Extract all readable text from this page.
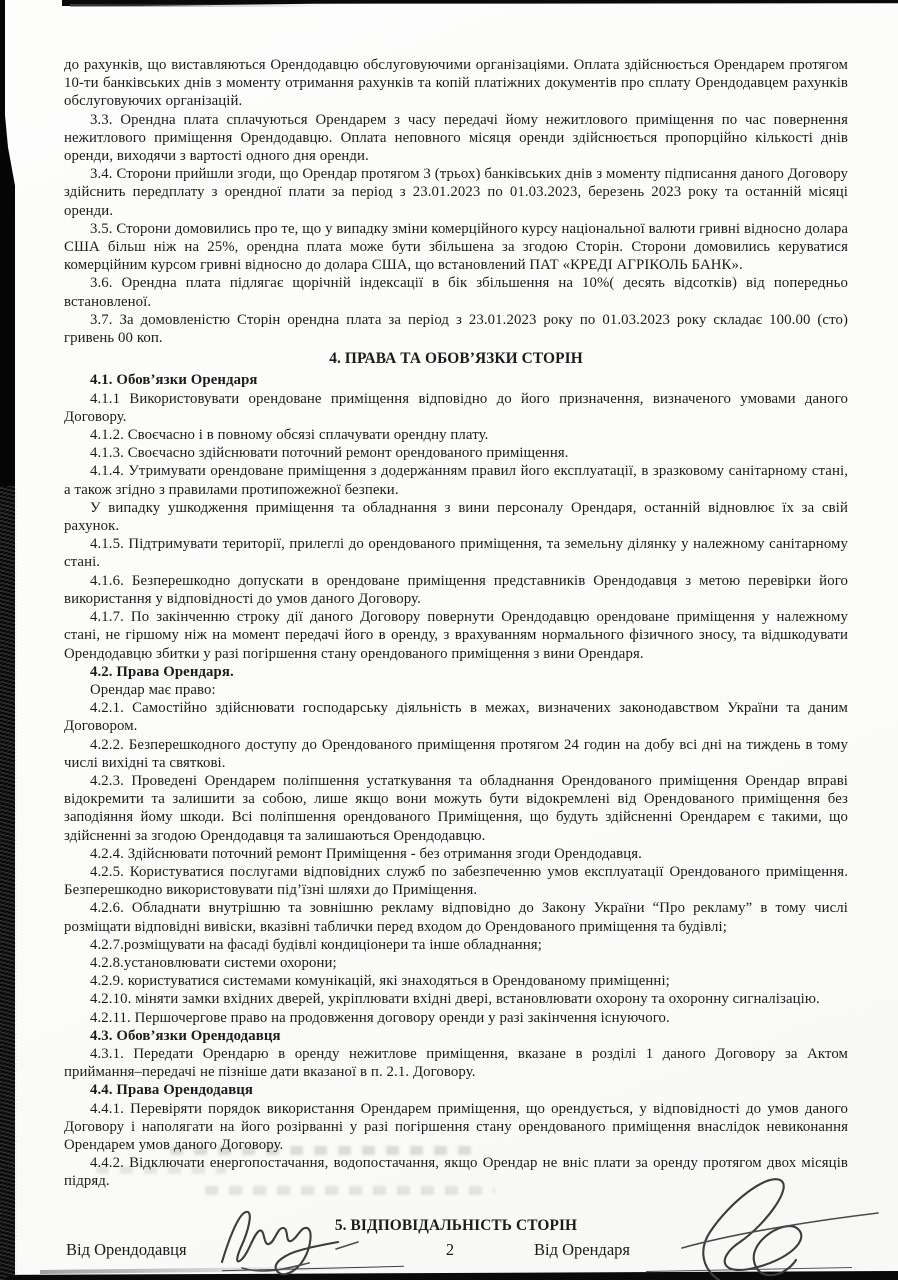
до рахунків, що виставляються Орендодавцю обслуговуючими організаціями. Оплата здійснюється Орендарем протягом 10-ти банківських днів з моменту отримання рахунків та копій платіжних документів про сплату Орендодавцем рахунків обслуговуючих організацій.
3.3. Орендна плата сплачуються Орендарем з часу передачі йому нежитлового приміщення по час повернення нежитлового приміщення Орендодавцю. Оплата неповного місяця оренди здійснюється пропорційно кількості днів оренди, виходячи з вартості одного дня оренди.
3.4. Сторони прийшли згоди, що Орендар протягом 3 (трьох) банківських днів з моменту підписання даного Договору здійснить передплату з орендної плати за період з 23.01.2023 по 01.03.2023, березень 2023 року та останній місяці оренди.
3.5. Сторони домовились про те, що у випадку зміни комерційного курсу національної валюти гривні відносно долара США більш ніж на 25%, орендна плата може бути збільшена за згодою Сторін. Сторони домовились керуватися комерційним курсом гривні відносно до долара США, що встановлений ПАТ «КРЕДІ АГРІКОЛЬ БАНК».
3.6. Орендна плата підлягає щорічній індексації в бік збільшення на 10%( десять відсотків) від попередньо встановленої.
3.7. За домовленістю Сторін орендна плата за період з 23.01.2023 року по 01.03.2023 року складає 100.00 (сто) гривень 00 коп.
4. ПРАВА ТА ОБОВ’ЯЗКИ СТОРІН
4.1. Обов’язки Орендаря
4.1.1 Використовувати орендоване приміщення відповідно до його призначення, визначеного умовами даного Договору.
4.1.2. Своєчасно і в повному обсязі сплачувати орендну плату.
4.1.3. Своєчасно здійснювати поточний ремонт орендованого приміщення.
4.1.4. Утримувати орендоване приміщення з додержанням правил його експлуатації, в зразковому санітарному стані, а також згідно з правилами протипожежної безпеки.
У випадку ушкодження приміщення та обладнання з вини персоналу Орендаря, останній відновлює їх за свій рахунок.
4.1.5. Підтримувати території, прилеглі до орендованого приміщення, та земельну ділянку у належному санітарному стані.
4.1.6. Безперешкодно допускати в орендоване приміщення представників Орендодавця з метою перевірки його використання у відповідності до умов даного Договору.
4.1.7. По закінченню строку дії даного Договору повернути Орендодавцю орендоване приміщення у належному стані, не гіршому ніж на момент передачі його в оренду, з врахуванням нормального фізичного зносу, та відшкодувати Орендодавцю збитки у разі погіршення стану орендованого приміщення з вини Орендаря.
4.2. Права Орендаря.
Орендар має право:
4.2.1. Самостійно здійснювати господарську діяльність в межах, визначених законодавством України та даним Договором.
4.2.2. Безперешкодного доступу до Орендованого приміщення протягом 24 годин на добу всі дні на тиждень в тому числі вихідні та святкові.
4.2.3. Проведені Орендарем поліпшення устаткування та обладнання Орендованого приміщення Орендар вправі відокремити та залишити за собою, лише якщо вони можуть бути відокремлені від Орендованого приміщення без заподіяння йому шкоди. Всі поліпшення орендованого Приміщення, що будуть здійсненні Орендарем є такими, що здійсненні за згодою Орендодавця та залишаються Орендодавцю.
4.2.4. Здійснювати поточний ремонт Приміщення - без отримання згоди Орендодавця.
4.2.5. Користуватися послугами відповідних служб по забезпеченню умов експлуатації Орендованого приміщення. Безперешкодно використовувати під’їзні шляхи до Приміщення.
4.2.6. Обладнати внутрішню та зовнішню рекламу відповідно до Закону України “Про рекламу” в тому числі розміщати відповідні вивіски, вказівні таблички перед входом до Орендованого приміщення та будівлі;
4.2.7.розміщувати на фасаді будівлі кондиціонери та інше обладнання;
4.2.8.установлювати системи охорони;
4.2.9. користуватися системами комунікацій, які знаходяться в Орендованому приміщенні;
4.2.10. міняти замки вхідних дверей, укріплювати вхідні двері, встановлювати охорону та охоронну сигналізацію.
4.2.11. Першочергове право на продовження договору оренди у разі закінчення існуючого.
4.3. Обов’язки Орендодавця
4.3.1. Передати Орендарю в оренду нежитлове приміщення, вказане в розділі 1 даного Договору за Актом приймання–передачі не пізніше дати вказаної в п. 2.1. Договору.
4.4. Права Орендодавця
4.4.1. Перевіряти порядок використання Орендарем приміщення, що орендується, у відповідності до умов даного Договору і наполягати на його розірванні у разі погіршення стану орендованого приміщення внаслідок невиконання Орендарем умов даного Договору.
4.4.2. Відключати енергопостачання, водопостачання, якщо Орендар не вніс плати за оренду протягом двох місяців підряд.
5. ВІДПОВІДАЛЬНІСТЬ СТОРІН
Від Орендодавця	2	Від Орендаря
